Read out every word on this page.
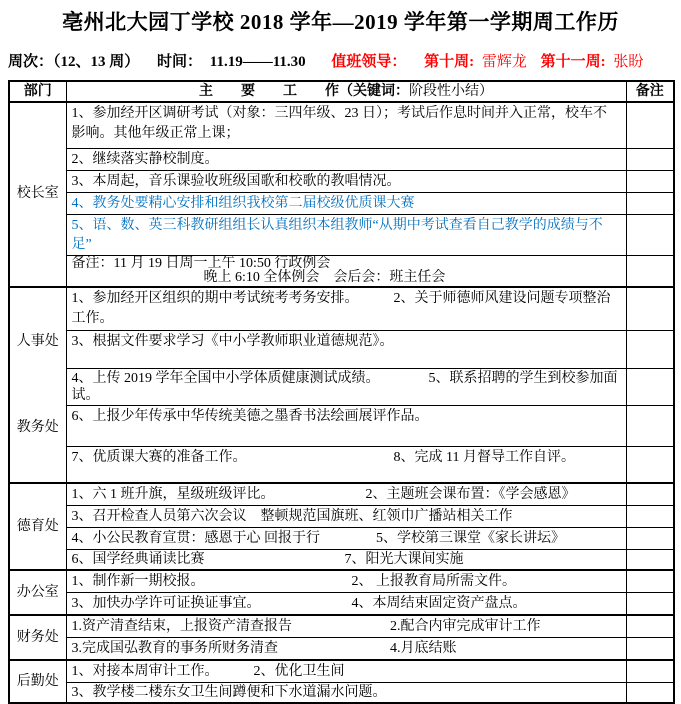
亳州北大园丁学校 2018 学年—2019 学年第一学期周工作历
周次：（12、13 周） 时间： 11.19——11.30 值班领导： 第十周: 雷辉龙 第十一周: 张盼
部门	主　　要　　工　　作（关键词：阶段性小结）	备注
校长室	1、参加经开区调研考试（对象：三四年级、23 日）；考试后作息时间并入正常，校车不影响。其他年级正常上课；	
	2、继续落实静校制度。	
	3、本周起，音乐课验收班级国歌和校歌的教唱情况。	
	4、教务处要精心安排和组织我校第二届校级优质课大赛	
	5、语、数、英三科教研组组长认真组织本组教师“从期中考试查看自己教学的成绩与不足”	

	备注：11 月 19 日周一上午 10:50 行政例会
晚上 6:10 全体例会　会后会：班主任会	

人事处
教务处	1、参加经开区组织的期中考试统考考务安排。　　　2、关于师德师风建设问题专项整治工作。	
	3、根据文件要求学习《中小学教师职业道德规范》。	
	4、上传 2019 学年全国中小学体质健康测试成绩。　　　　5、联系招聘的学生到校参加面试。	
	6、上报少年传承中华传统美德之墨香书法绘画展评作品。	
	7、优质课大赛的准备工作。　　　　　　　　　　　8、完成 11 月督导工作自评。	
德育处	1、六 1 班升旗，星级班级评比。　　　　　　　2、主题班会课布置：《学会感恩》	
	3、召开检查人员第六次会议　整顿规范国旗班、红领巾广播站相关工作	
	4、小公民教育宣贯：感恩于心 回报于行　　　　5、学校第三课堂《家长讲坛》	
	6、国学经典诵读比赛　　　　　　　　　　7、阳光大课间实施	
办公室	1、制作新一期校报。　　　　　　　　　　　2、 上报教育局所需文件。	
	3、加快办学许可证换证事宜。　　　　　　　4、本周结束固定资产盘点。	
财务处	1.资产清查结束，上报资产清查报告　　　　　　　2.配合内审完成审计工作	
	3.完成国弘教育的事务所财务清查　　　　　　　　4.月底结账	
后勤处	1、对接本周审计工作。　　　2、优化卫生间	
	3、教学楼二楼东女卫生间蹲便和下水道漏水问题。	
